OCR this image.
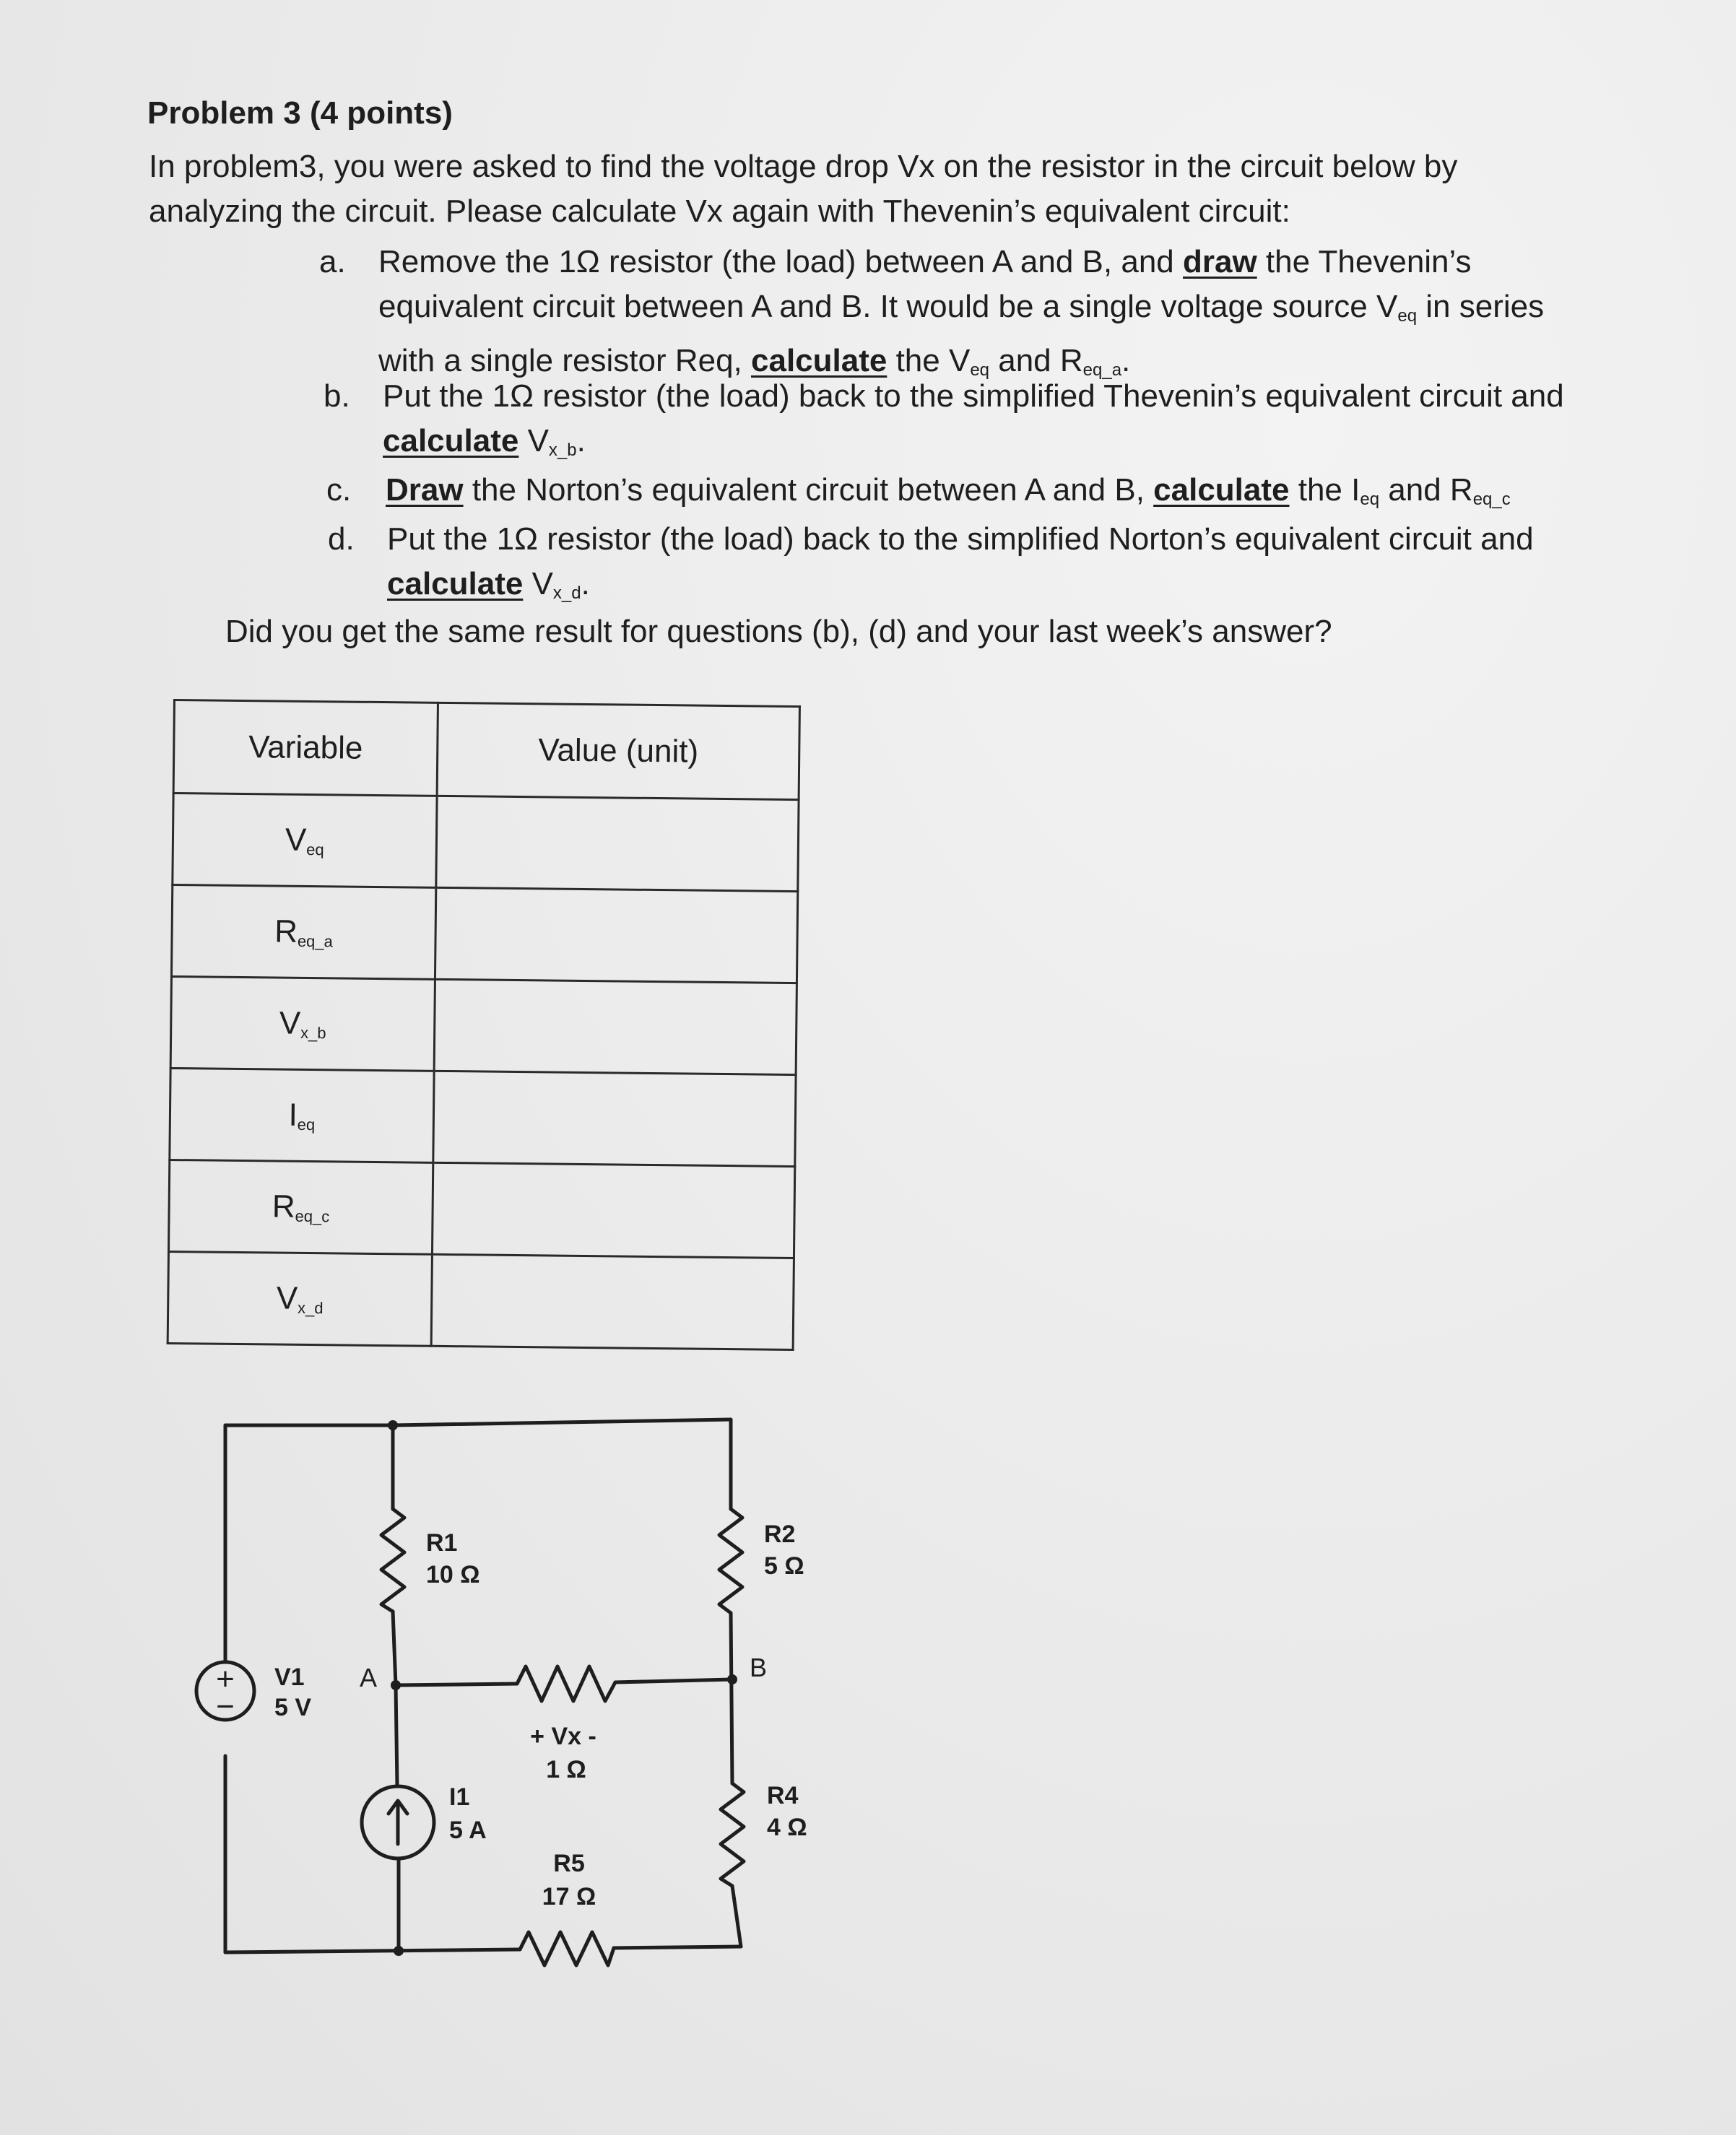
Problem 3 (4 points)

In problem3, you were asked to find the voltage drop Vx on the resistor in the circuit below by analyzing the circuit. Please calculate Vx again with Thevenin’s equivalent circuit:

a. Remove the 1Ω resistor (the load) between A and B, and draw the Thevenin’s equivalent circuit between A and B. It would be a single voltage source $V_{eq}$ in series with a single resistor Req, calculate the $V_{eq}$ and $R_{eq\_a}$.

b. Put the 1Ω resistor (the load) back to the simplified Thevenin’s equivalent circuit and calculate $V_{x\_b}$.

c. Draw the Norton’s equivalent circuit between A and B, calculate the $I_{eq}$ and $R_{eq\_c}$

d. Put the 1Ω resistor (the load) back to the simplified Norton’s equivalent circuit and calculate $V_{x\_d}$.

Did you get the same result for questions (b), (d) and your last week’s answer?

Variable	Value (unit)
$V_{eq}$	
$R_{eq\_a}$	
$V_{x\_b}$	
$I_{eq}$	
$R_{eq\_c}$	
$V_{x\_d}$	
+
−
V1
5 V
A
R1
10 Ω
R2
5 Ω
B
+ Vx -
1 Ω
I1
5 A
R4
4 Ω
R5
17 Ω
